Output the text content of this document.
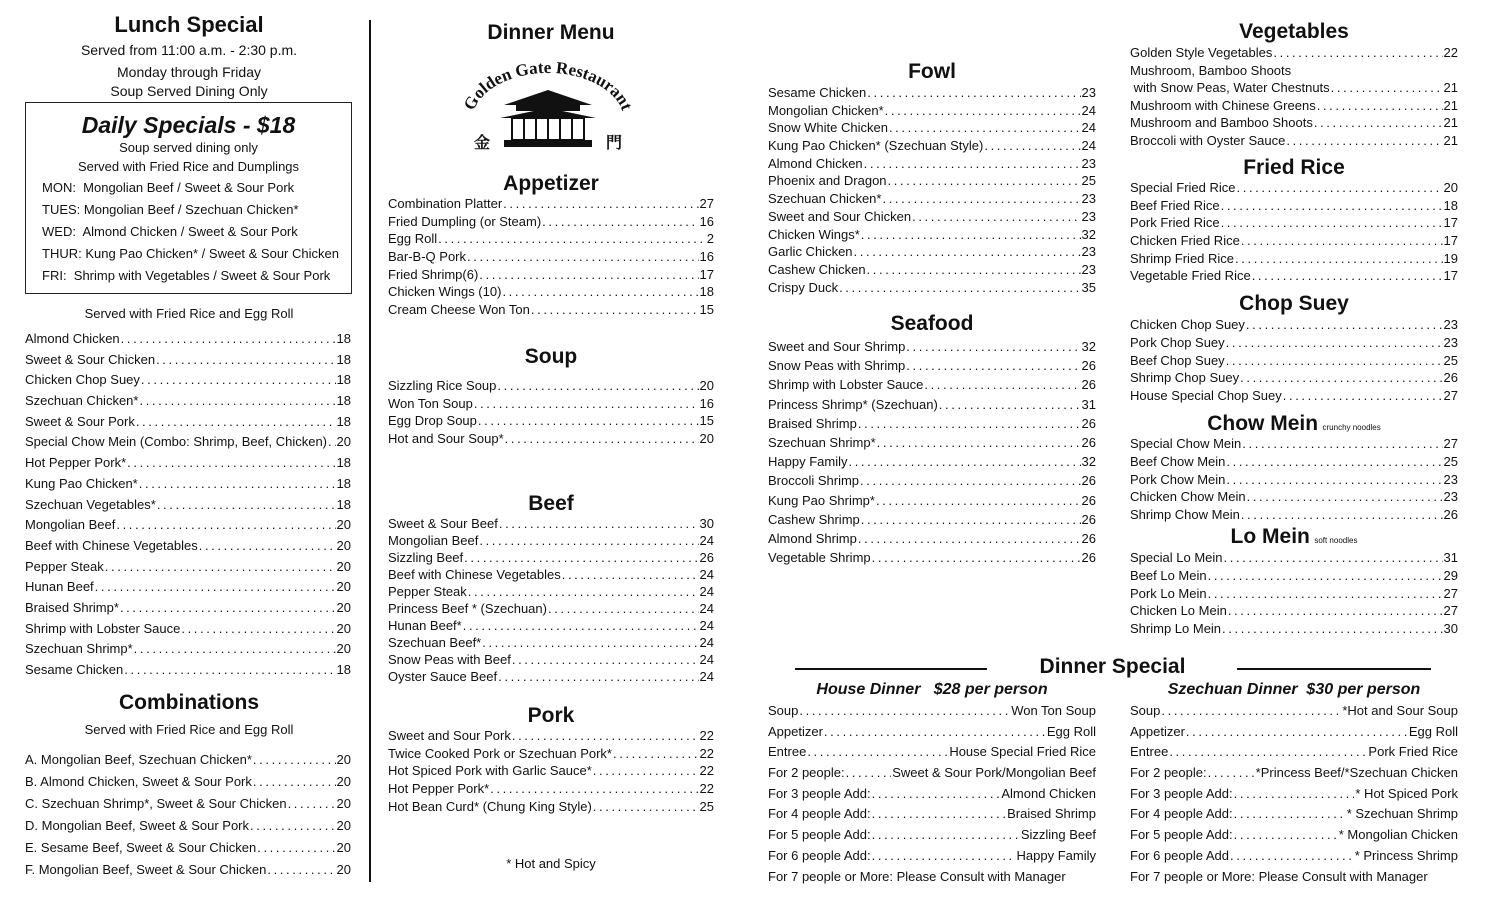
Lunch Special
Served from 11:00 a.m. - 2:30 p.m.
Monday through Friday
Soup Served Dining Only
Daily Specials - $18
Soup served dining only
Served with Fried Rice and Dumplings
MON:  Mongolian Beef / Sweet & Sour Pork
TUES: Mongolian Beef / Szechuan Chicken*
WED:  Almond Chicken / Sweet & Sour Pork
THUR: Kung Pao Chicken* / Sweet & Sour Chicken
FRI:  Shrimp with Vegetables / Sweet & Sour Pork
Served with Fried Rice and Egg Roll
Almond Chicken . . .	18
Sweet & Sour Chicken . . .	18
Chicken Chop Suey . . .	18
Szechuan Chicken* . . .	18
Sweet & Sour Pork . . .	18
Special Chow Mein (Combo: Shrimp, Beef, Chicken) . . . 20
Hot Pepper Pork* . . .	18
Kung Pao Chicken* . . .	18
Szechuan Vegetables* . . .	18
Mongolian Beef . . .	20
Beef with Chinese Vegetables . . .	20
Pepper Steak . . .	20
Hunan Beef . . .	20
Braised Shrimp* . . .	20
Shrimp with Lobster Sauce . . .	20
Szechuan Shrimp* . . .	20
Sesame Chicken . . .	18
Combinations
Served with Fried Rice and Egg Roll
A. Mongolian Beef, Szechuan Chicken* . . .	20
B. Almond Chicken, Sweet & Sour Pork . . .	20
C. Szechuan Shrimp*, Sweet & Sour Chicken . . .	20
D. Mongolian Beef, Sweet & Sour Pork . . .	20
E. Sesame Beef, Sweet & Sour Chicken . . .	20
F. Mongolian Beef, Sweet & Sour Chicken . . .	20
Dinner Menu
olden Gate Restauran
金	門
Appetizer
Combination Platter . . .	27
Fried Dumpling (or Steam) . . .	16
Egg Roll . . .	2
Bar-B-Q Pork . . .	16
Fried Shrimp(6) . . .	17
Chicken Wings (10) . . .	18
Cream Cheese Won Ton . . .	15
Soup
Sizzling Rice Soup . . .	20
Won Ton Soup . . .	16
Egg Drop Soup . . .	15
Hot and Sour Soup* . . .	20
Beef
Sweet & Sour Beef . . .	30
Mongolian Beef . . .	24
Sizzling Beef . . .	26
Beef with Chinese Vegetables . . .	24
Pepper Steak . . .	24
Princess Beef * (Szechuan) . . .	24
Hunan Beef* . . .	24
Szechuan Beef* . . .	24
Snow Peas with Beef . . .	24
Oyster Sauce Beef . . .	24
Pork
Sweet and Sour Pork . . .	22
Twice Cooked Pork or Szechuan Pork* . . .	22
Hot Spiced Pork with Garlic Sauce* . . .	22
Hot Pepper Pork* . . .	22
Hot Bean Curd* (Chung King Style) . . .	25
* Hot and Spicy
Fowl
Sesame Chicken . . .	23
Mongolian Chicken* . . .	24
Snow White Chicken . . .	24
Kung Pao Chicken* (Szechuan Style) . . .	24
Almond Chicken . . .	23
Phoenix and Dragon . . .	25
Szechuan Chicken* . . .	23
Sweet and Sour Chicken . . .	23
Chicken Wings* . . .	32
Garlic Chicken . . .	23
Cashew Chicken . . .	23
Crispy Duck . . .	35
Seafood
Sweet and Sour Shrimp . . .	32
Snow Peas with Shrimp . . .	26
Shrimp with Lobster Sauce . . .	26
Princess Shrimp* (Szechuan) . . .	31
Braised Shrimp . . .	26
Szechuan Shrimp* . . .	26
Happy Family . . .	32
Broccoli Shrimp . . .	26
Kung Pao Shrimp* . . .	26
Cashew Shrimp . . .	26
Almond Shrimp . . .	26
Vegetable Shrimp . . .	26
Vegetables
Golden Style Vegetables . . .	22
Mushroom, Bamboo Shoots
with Snow Peas, Water Chestnuts . . .	21
Mushroom with Chinese Greens . . .	21
Mushroom and Bamboo Shoots . . .	21
Broccoli with Oyster Sauce . . .	21
Fried Rice
Special Fried Rice . . .	20
Beef Fried Rice . . .	18
Pork Fried Rice . . .	17
Chicken Fried Rice . . .	17
Shrimp Fried Rice . . .	19
Vegetable Fried Rice . . .	17
Chop Suey
Chicken Chop Suey . . .	23
Pork Chop Suey . . .	23
Beef Chop Suey . . .	25
Shrimp Chop Suey . . .	26
House Special Chop Suey . . .	27
Chow Mein crunchy noodles
Special Chow Mein . . .	27
Beef Chow Mein . . .	25
Pork Chow Mein . . .	23
Chicken Chow Mein . . .	23
Shrimp Chow Mein . . .	26
Lo Mein soft noodles
Special Lo Mein . . .	31
Beef Lo Mein . . .	29
Pork Lo Mein . . .	27
Chicken Lo Mein . . .	27
Shrimp Lo Mein . . .	30
Dinner Special
House Dinner   $28 per person	Szechuan Dinner  $30 per person
Soup . . .	Won Ton Soup
Appetizer . . .	Egg Roll
Entree . . .	House Special Fried Rice
For 2 people: . . .	Sweet & Sour Pork/Mongolian Beef
For 3 people Add: . . .	Almond Chicken
For 4 people Add: . . .	Braised Shrimp
For 5 people Add: . . .	Sizzling Beef
For 6 people Add: . . .	Happy Family
Soup . . .	*Hot and Sour Soup
Appetizer . . .	Egg Roll
Entree . . .	Pork Fried Rice
For 2 people: . . .	*Princess Beef/*Szechuan Chicken
For 3 people Add: . . .	* Hot Spiced Pork
For 4 people Add: . . .	* Szechuan Shrimp
For 5 people Add: . . .	* Mongolian Chicken
For 6 people Add . . .	* Princess Shrimp
For 7 people or More: Please Consult with Manager	For 7 people or More: Please Consult with Manager
